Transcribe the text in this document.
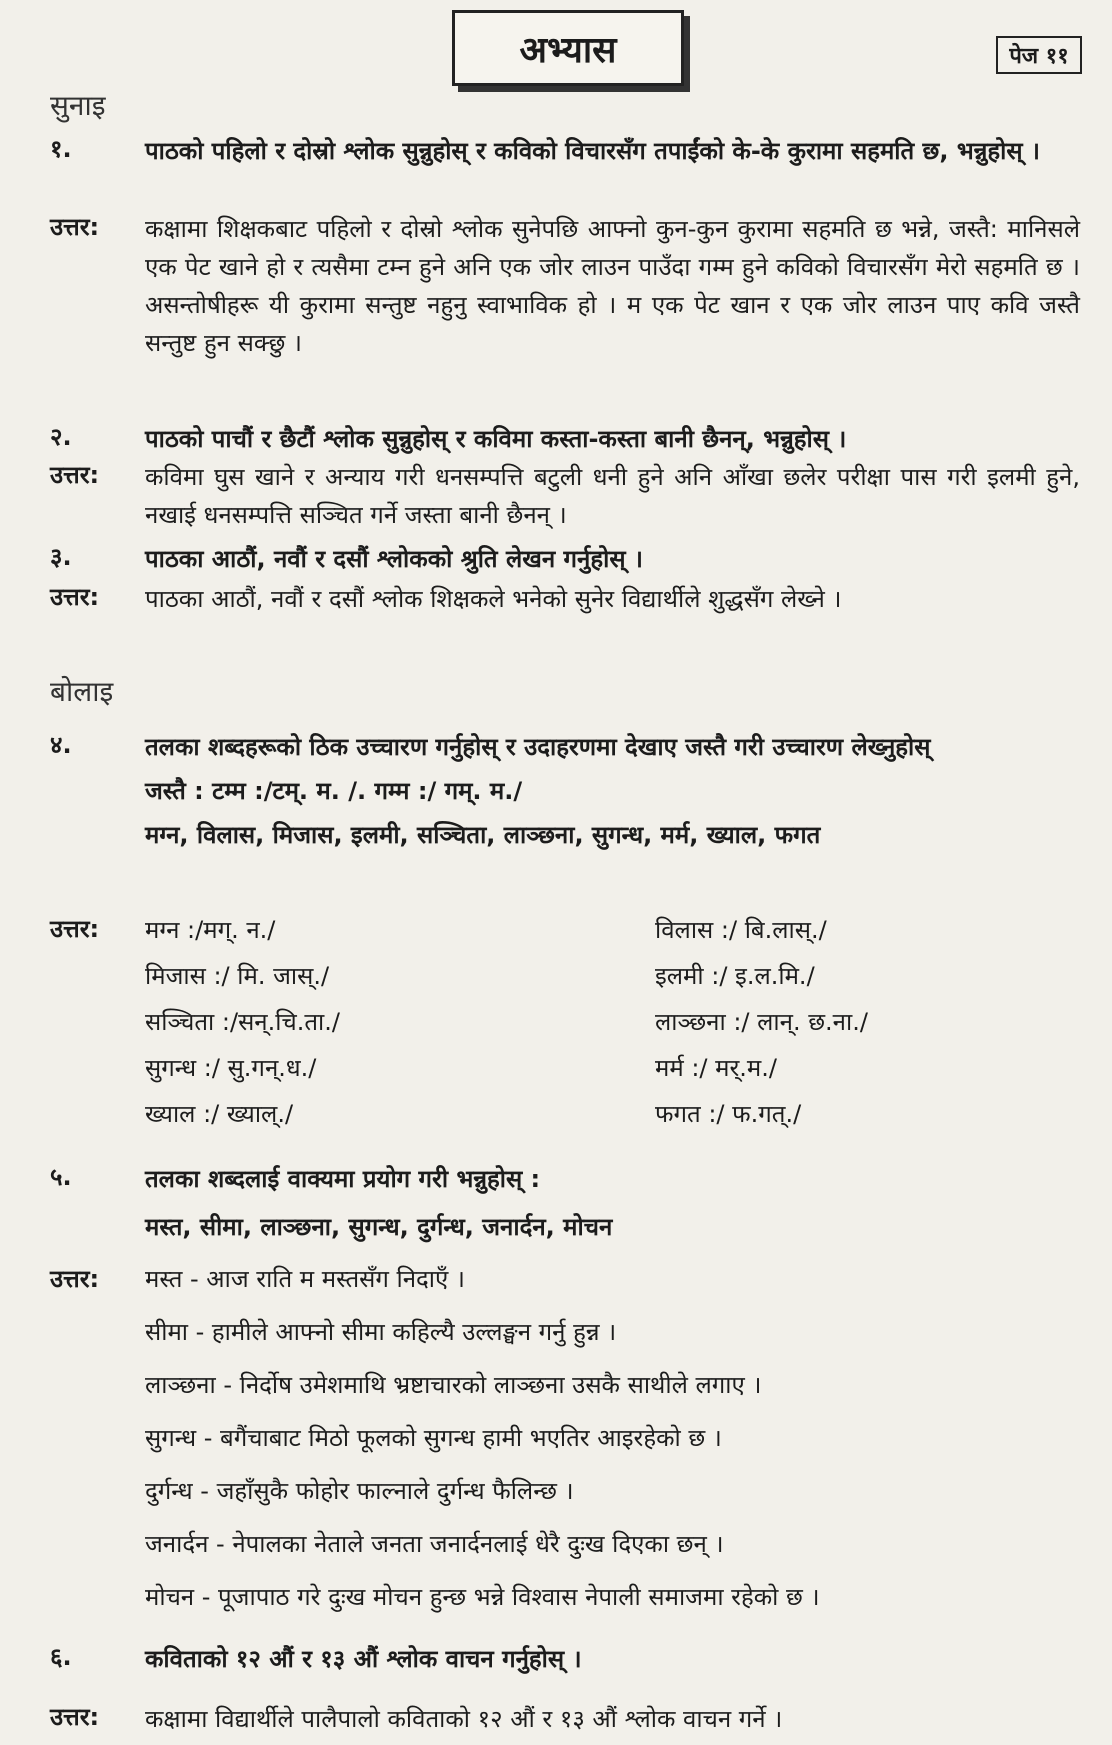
अभ्यास	पेज ११
सुनाइ
१.	पाठको पहिलो र दोस्रो श्लोक सुन्नुहोस् र कविको विचारसँग तपाईंको के-के कुरामा सहमति छ, भन्नुहोस् ।
उत्तर:	कक्षामा शिक्षकबाट पहिलो र दोस्रो श्लोक सुनेपछि आफ्नो कुन-कुन कुरामा सहमति छ भन्ने, जस्तै: मानिसले एक पेट खाने हो र त्यसैमा टम्न हुने अनि एक जोर लाउन पाउँदा गम्म हुने कविको विचारसँग मेरो सहमति छ । असन्तोषीहरू यी कुरामा सन्तुष्ट नहुनु स्वाभाविक हो । म एक पेट खान र एक जोर लाउन पाए कवि जस्तै सन्तुष्ट हुन सक्छु ।
२.	पाठको पाचौं र छैटौं श्लोक सुन्नुहोस् र कविमा कस्ता-कस्ता बानी छैनन्, भन्नुहोस् ।
उत्तर:	कविमा घुस खाने र अन्याय गरी धनसम्पत्ति बटुली धनी हुने अनि आँखा छलेर परीक्षा पास गरी इलमी हुने, नखाई धनसम्पत्ति सञ्चित गर्ने जस्ता बानी छैनन् ।
३.	पाठका आठौं, नवौं र दसौं श्लोकको श्रुति लेखन गर्नुहोस् ।
उत्तर:	पाठका आठौं, नवौं र दसौं श्लोक शिक्षकले भनेको सुनेर विद्यार्थीले शुद्धसँग लेख्ने ।
बोलाइ
४.	तलका शब्दहरूको ठिक उच्चारण गर्नुहोस् र उदाहरणमा देखाए जस्तै गरी उच्चारण लेख्नुहोस्
जस्तै : टम्म :/टम्. म. /. गम्म :/ गम्. म./
मग्न, विलास, मिजास, इलमी, सञ्चिता, लाञ्छना, सुगन्ध, मर्म, ख्याल, फगत
उत्तर:	मग्न :/मग्. न./	विलास :/ बि.लास्./
मिजास :/ मि. जास्./	इलमी :/ इ.ल.मि./
सञ्चिता :/सन्.चि.ता./	लाञ्छना :/ लान्. छ.ना./
सुगन्ध :/ सु.गन्.ध./	मर्म :/ मर्.म./
ख्याल :/ ख्याल्./	फगत :/ फ.गत्./
५.	तलका शब्दलाई वाक्यमा प्रयोग गरी भन्नुहोस् :
मस्त, सीमा, लाञ्छना, सुगन्ध, दुर्गन्ध, जनार्दन, मोचन
उत्तर:	मस्त - आज राति म मस्तसँग निदाएँ ।
सीमा - हामीले आफ्नो सीमा कहिल्यै उल्लङ्घन गर्नु हुन्न ।
लाञ्छना - निर्दोष उमेशमाथि भ्रष्टाचारको लाञ्छना उसकै साथीले लगाए ।
सुगन्ध - बगैंचाबाट मिठो फूलको सुगन्ध हामी भएतिर आइरहेको छ ।
दुर्गन्ध - जहाँसुकै फोहोर फाल्नाले दुर्गन्ध फैलिन्छ ।
जनार्दन - नेपालका नेताले जनता जनार्दनलाई धेरै दुःख दिएका छन् ।
मोचन - पूजापाठ गरे दुःख मोचन हुन्छ भन्ने विश्वास नेपाली समाजमा रहेको छ ।
६.	कविताको १२ औं र १३ औं श्लोक वाचन गर्नुहोस् ।
उत्तर:	कक्षामा विद्यार्थीले पालैपालो कविताको १२ औं र १३ औं श्लोक वाचन गर्ने ।
